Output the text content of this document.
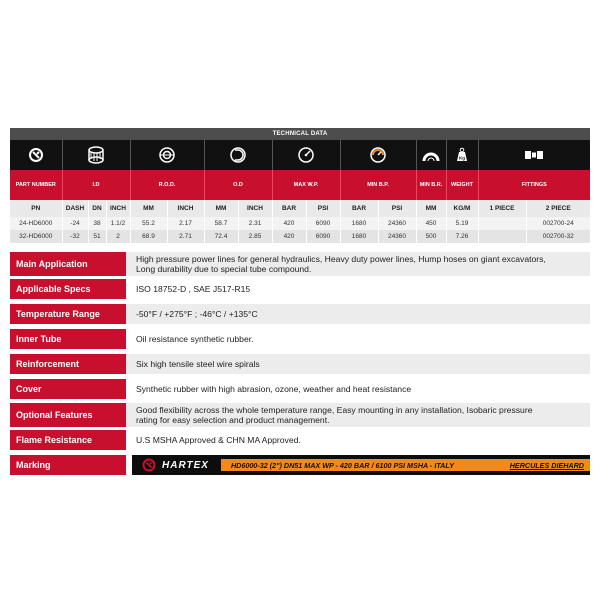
TECHNICAL DATA

Kg

PART NUMBER	I.D			R.O.D.		O.D		MAX W.P.		MIN B.P.		MIN B.R.	WEIGHT	FITTINGS	
PN	DASH	DN	INCH	MM	INCH	MM	INCH	BAR	PSI	BAR	PSI	MM	KG/M	1 PIECE	2 PIECE
24-HD6000	-24	38	1.1/2	55.2	2.17	58.7	2.31	420	6090	1680	24360	450	5.19		002700-24
32-HD6000	-32	51	2	68.9	2.71	72.4	2.85	420	6090	1680	24360	500	7.26		002700-32
Main Application	High pressure power lines for general hydraulics, Heavy duty power lines, Hump hoses on giant excavators,
Long durability due to special tube compound.
Applicable Specs	ISO 18752-D , SAE J517-R15
Temperature Range	-50°F / +275°F ; -46°C / +135°C
Inner Tube	Oil resistance synthetic rubber.
Reinforcement	Six high tensile steel wire spirals
Cover	Synthetic rubber with high abrasion, ozone, weather and heat resistance
Optional Features	Good flexibility across the whole temperature range, Easy mounting in any installation, Isobaric pressure
rating for easy selection and product management.
Flame Resistance	U.S MSHA Approved & CHN MA Approved.
Marking	HARTEX	HD6000-32 (2") DN51 MAX WP - 420 BAR / 6100 PSI MSHA - ITALY	HERCULES DIEHARD
